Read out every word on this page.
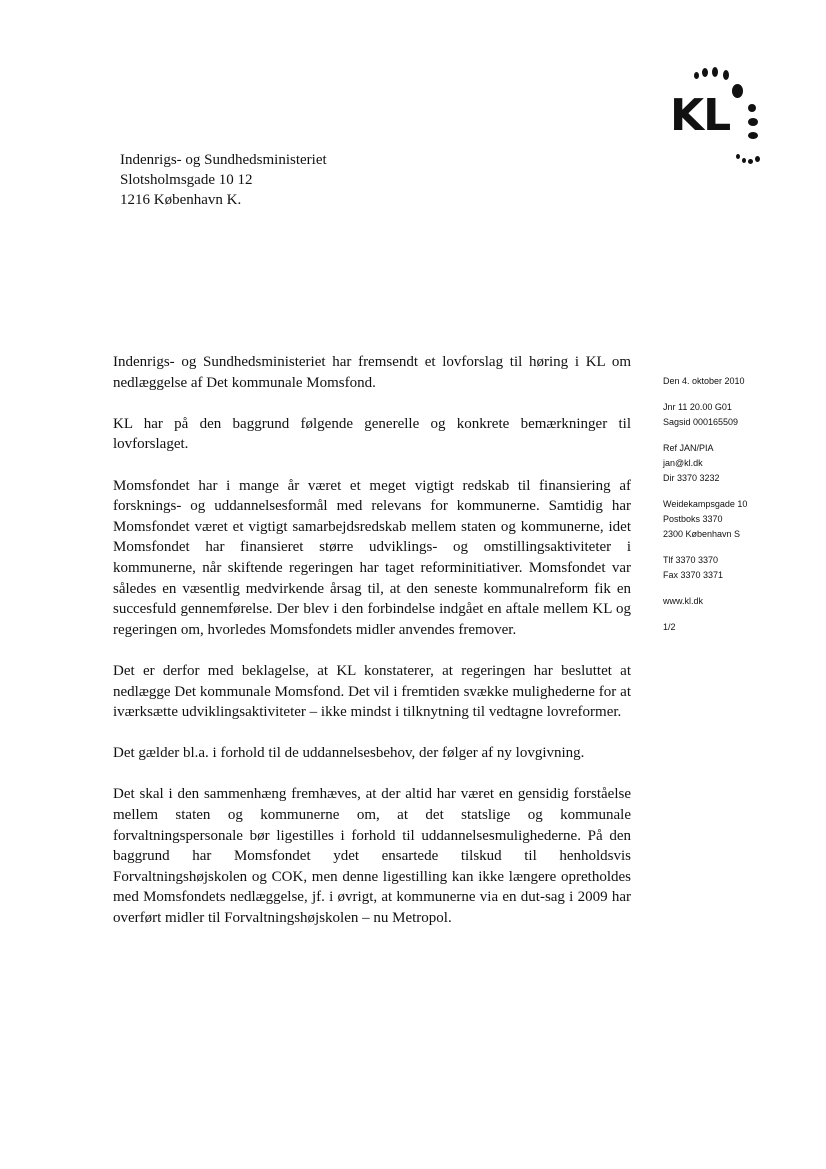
KL
Indenrigs- og Sundhedsministeriet
Slotsholmsgade 10 12
1216 København K.

Indenrigs- og Sundhedsministeriet har fremsendt et lovforslag til høring i KL om nedlæggelse af Det kommunale Momsfond.

KL har på den baggrund følgende generelle og konkrete bemærkninger til lovforslaget.

Momsfondet har i mange år været et meget vigtigt redskab til finansiering af forsknings- og uddannelsesformål med relevans for kommunerne. Samtidig har Momsfondet været et vigtigt samarbejdsredskab mellem staten og kommunerne, idet Momsfondet har finansieret større udviklings- og omstillingsaktiviteter i kommunerne, når skiftende regeringen har taget reforminitiativer. Momsfondet var således en væsentlig medvirkende årsag til, at den seneste kommunalreform fik en succesfuld gennemførelse. Der blev i den forbindelse indgået en aftale mellem KL og regeringen om, hvorledes Momsfondets midler anvendes fremover.

Det er derfor med beklagelse, at KL konstaterer, at regeringen har besluttet at nedlægge Det kommunale Momsfond. Det vil i fremtiden svække mulighederne for at iværksætte udviklingsaktiviteter – ikke mindst i tilknytning til vedtagne lovreformer.

Det gælder bl.a. i forhold til de uddannelsesbehov, der følger af ny lovgivning.

Det skal i den sammenhæng fremhæves, at der altid har været en gensidig forståelse mellem staten og kommunerne om, at det statslige og kommunale forvaltningspersonale bør ligestilles i forhold til uddannelsesmulighederne. På den baggrund har Momsfondet ydet ensartede tilskud til henholdsvis Forvaltningshøjskolen og COK, men denne ligestilling kan ikke længere opretholdes med Momsfondets nedlæggelse, jf. i øvrigt, at kommunerne via en dut-sag i 2009 har overført midler til Forvaltningshøjskolen – nu Metropol.

Den 4. oktober 2010
Jnr 11 20.00 G01
Sagsid 000165509
Ref JAN/PIA
jan@kl.dk
Dir 3370 3232
Weidekampsgade 10
Postboks 3370
2300 København S
Tlf 3370 3370
Fax 3370 3371
www.kl.dk
1/2
